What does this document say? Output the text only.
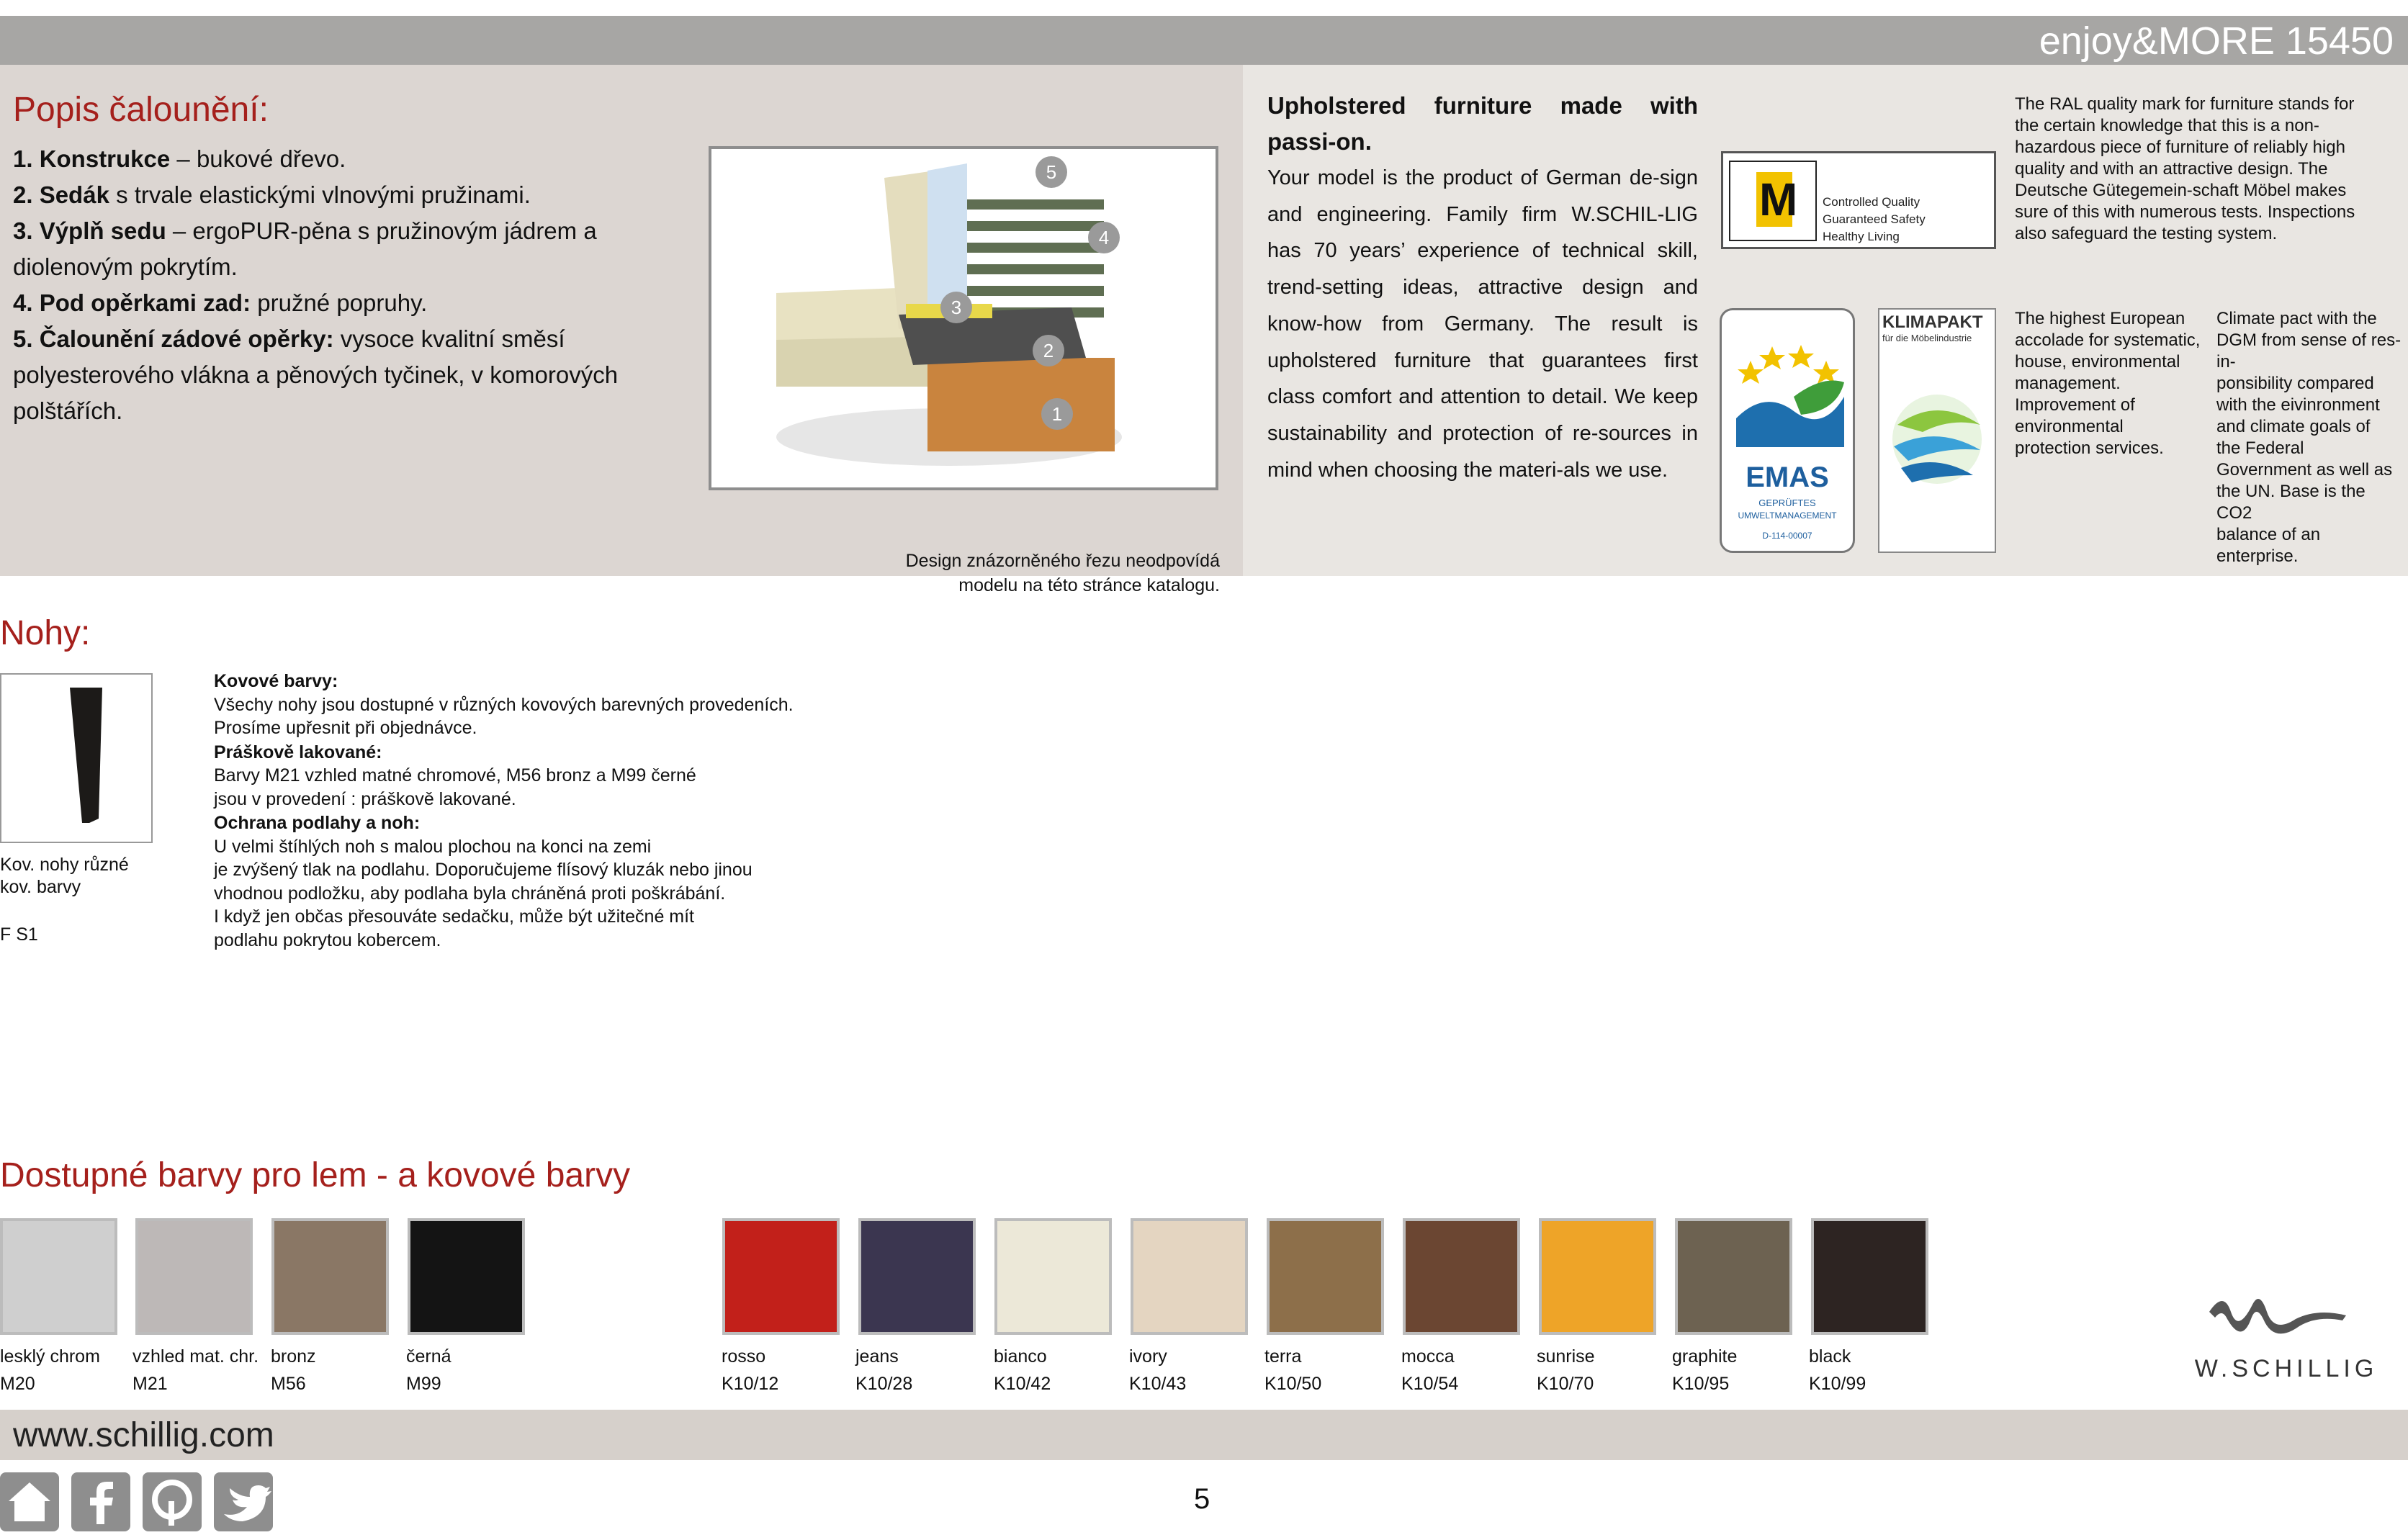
enjoy&MORE 15450
Popis čalounění:
1. Konstrukce – bukové dřevo.
2. Sedák s trvale elastickými vlnovými pružinami.
3. Výplň sedu – ergoPUR-pěna s pružinovým jádrem a diolenovým pokrytím.
4. Pod opěrkami zad: pružné popruhy.
5. Čalounění zádové opěrky: vysoce kvalitní směsí polyesterového vlákna a pěnových tyčinek, v komorových polštářích.	1
2
3
4
5
Design znázorněného řezu neodpovídá
modelu na této stránce katalogu.
Upholstered furniture made with passi-on.
Your model is the product of German de-sign and engineering. Family firm W.SCHIL-LIG has 70 years’ experience of technical skill, trend-setting ideas, attractive design and know-how from Germany. The result is upholstered furniture that guarantees first class comfort and attention to detail. We keep sustainability and protection of re-sources in mind when choosing the materi-als we use.
M Controlled Quality
Guaranteed Safety
Healthy Living
The RAL quality mark for furniture stands for the certain knowledge that this is a non-hazardous piece of furniture of reliably high quality and with an attractive design. The Deutsche Gütegemein-schaft Möbel makes sure of this with numerous tests. Inspections also safeguard the testing system.
EMAS
GEPRÜFTES
UMWELTMANAGEMENT
D-114-00007
KLIMAPAKT
für die Möbelindustrie
The highest European
accolade for systematic,
house, environmental
management.
Improvement of
environmental
protection services.
Climate pact with the
DGM from sense of res-in-
ponsibility compared
with the eivinronment
and climate goals of
the Federal
Government as well as
the UN. Base is the CO2
balance of an
enterprise.
Nohy:
Kov. nohy různé
kov. barvy
F S1
Kovové barvy:
Všechy nohy jsou dostupné v různých kovových barevných provedeních.
Prosíme upřesnit při objednávce.
Práškově lakované:
Barvy M21 vzhled matné chromové, M56 bronz a M99 černé
jsou v provedení : práškově lakované.
Ochrana podlahy a noh:
U velmi štíhlých noh s malou plochou na konci na zemi
je zvýšený tlak na podlahu. Doporučujeme flísový kluzák nebo jinou
vhodnou podložku, aby podlaha byla chráněná proti poškrábání.
I když jen občas přesouváte sedačku, může být užitečné mít
podlahu pokrytou kobercem.
Dostupné barvy pro lem - a kovové barvy
lesklý chrom
M20
vzhled mat. chr.
M21
bronz
M56
černá
M99
rosso
K10/12
jeans
K10/28
bianco
K10/42
ivory
K10/43
terra
K10/50
mocca
K10/54
sunrise
K10/70
graphite
K10/95
black
K10/99
W.SCHILLIG
www.schillig.com
5
